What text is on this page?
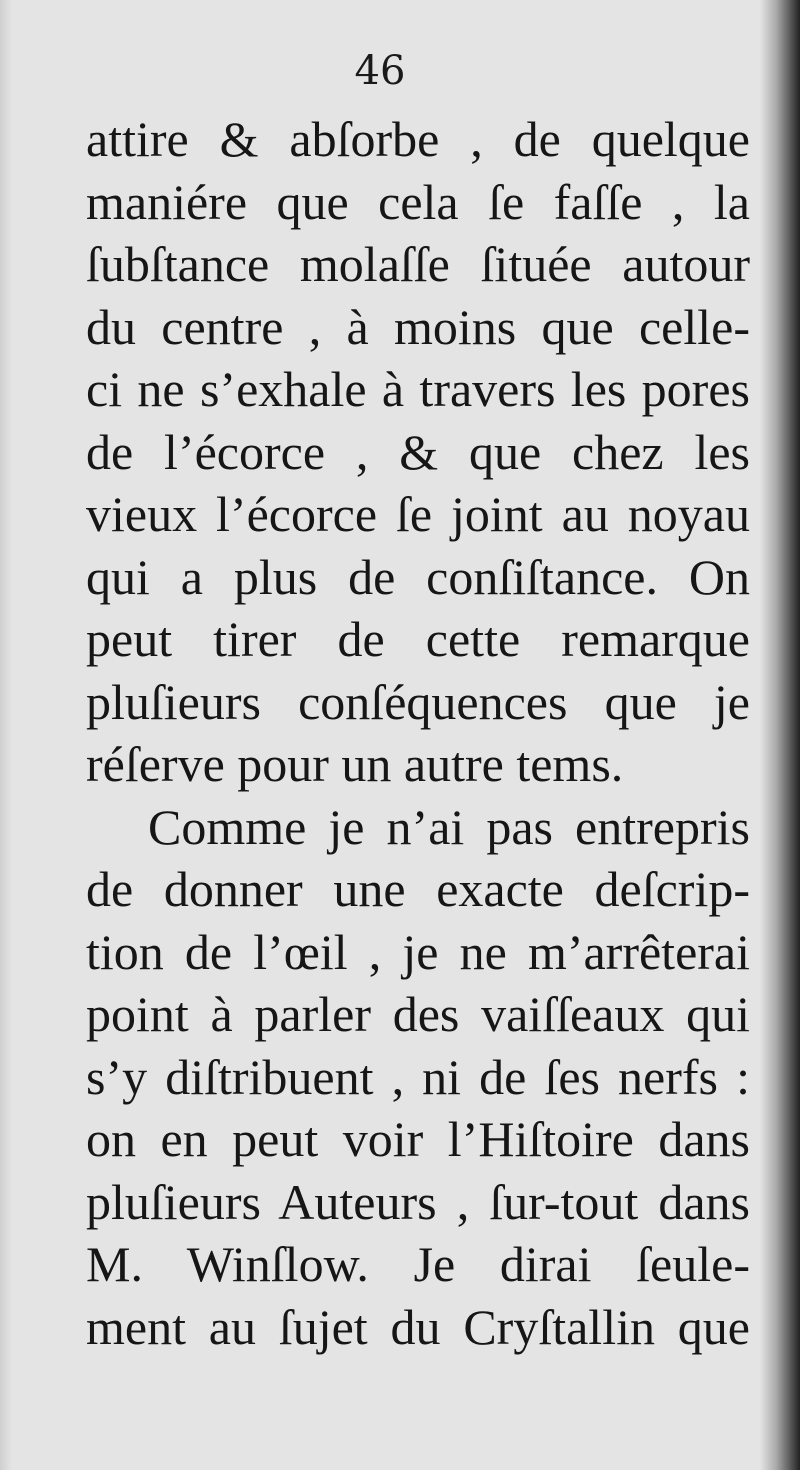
46
attire & abſorbe , de quelque
maniére que cela ſe faſſe , la
ſubſtance molaſſe ſituée autour
du centre , à moins que celle-
ci ne s’exhale à travers les pores
de l’écorce , & que chez les
vieux l’écorce ſe joint au noyau
qui a plus de conſiſtance. On
peut tirer de cette remarque
pluſieurs conſéquences que je
réſerve pour un autre tems.
Comme je n’ai pas entrepris
de donner une exacte deſcrip-
tion de l’œil , je ne m’arrêterai
point à parler des vaiſſeaux qui
s’y diſtribuent , ni de ſes nerfs :
on en peut voir l’Hiſtoire dans
pluſieurs Auteurs , ſur-tout dans
M. Winſlow. Je dirai ſeule-
ment au ſujet du Cryſtallin que
